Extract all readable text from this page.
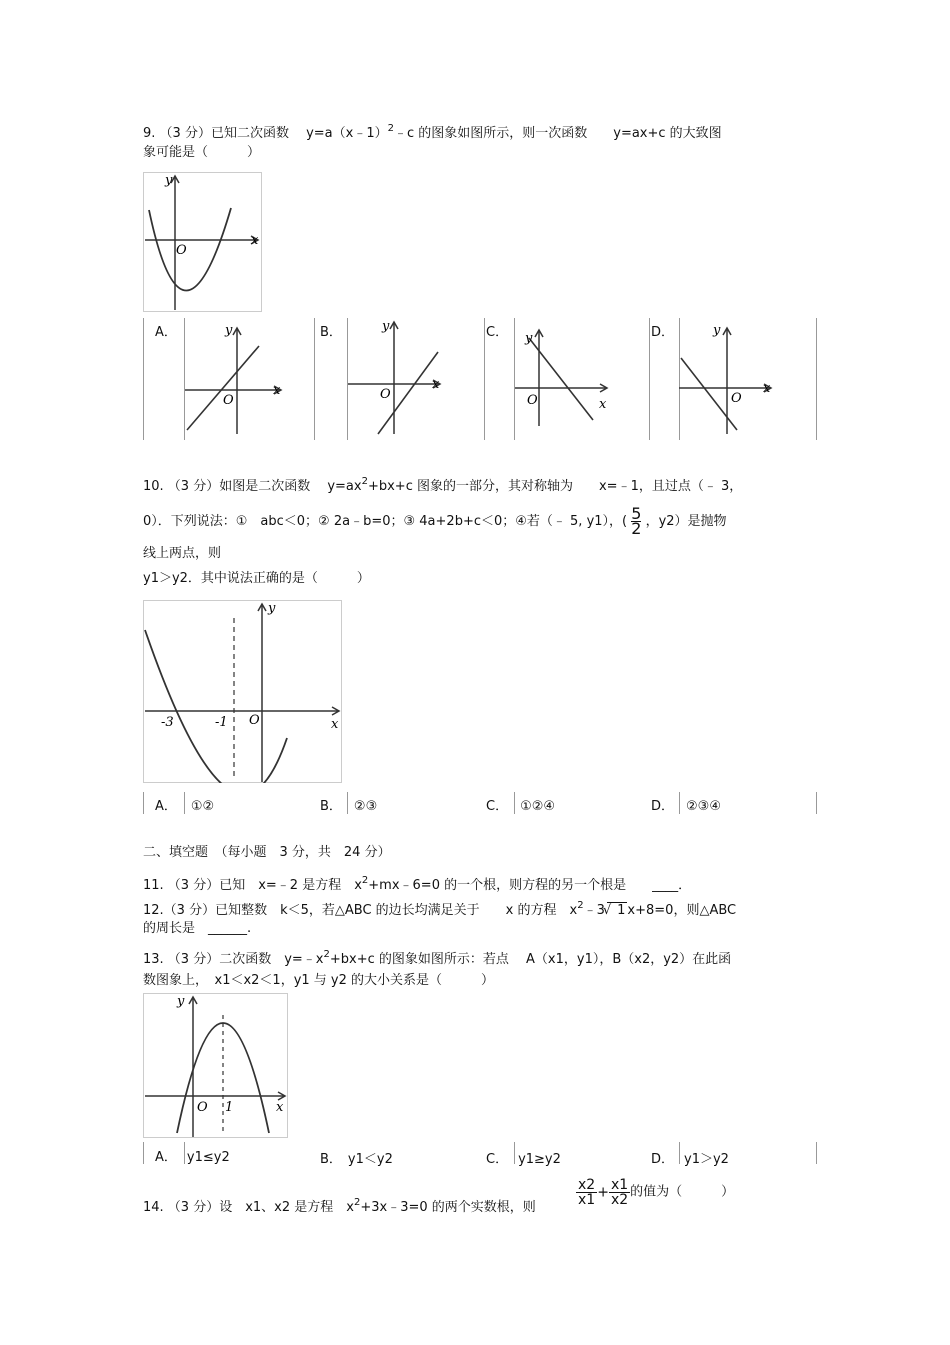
9. （3 分）已知二次函数　 y=a（x﹣1）$^2$﹣c 的图象如图所示，则一次函数　　y=ax+c 的大致图
象可能是（　　　）
y
x
O
A．	B．	C．	D．
y
x
O
y
x
O
y
x
O
y
x
O
10. （3 分）如图是二次函数　 $y=ax^2+bx+c$ 图象的一部分，其对称轴为　　x=﹣1，且过点（﹣ 3，
0）．下列说法：①　abc＜0；② 2a﹣b=0；③ 4a+2b+c＜0；④若（﹣ 5, y1），( $\frac{5}{2}$ ，y2）是抛物
线上两点，则
y1＞y2．其中说法正确的是（　　　）
y
x
O
-3	-1
A． ①②	B． ②③	C． ①②④	D． ②③④
二、填空题　（每小题　3 分，共　24 分）
11. （3 分）已知　x=﹣2 是方程　$x^2+mx﹣6=0$ 的一个根，则方程的另一个根是　　____．
12.（3 分）已知整数　k＜5，若△ABC 的边长均满足关于　　x 的方程　$x^2﹣3√$ 1 x+8=0，则△ABC
的周长是　______.
13. （3 分）二次函数　$y=﹣x^2+bx+c$ 的图象如图所示：若点　 A（x1，y1），B（x2，y2）在此函
数图象上，　x1＜x2＜1，y1 与 y2 的大小关系是（　　　）
y
x
O 1
A． y1≤y2	B． y1＜y2	C． y1≥y2	D． y1＞y2
14. （3 分）设　x1、x2 是方程　$x^2+3x﹣3=0$ 的两个实数根，则
$\frac{x2}{x1} + \frac{x1}{x2}$ 的值为（　　　）
